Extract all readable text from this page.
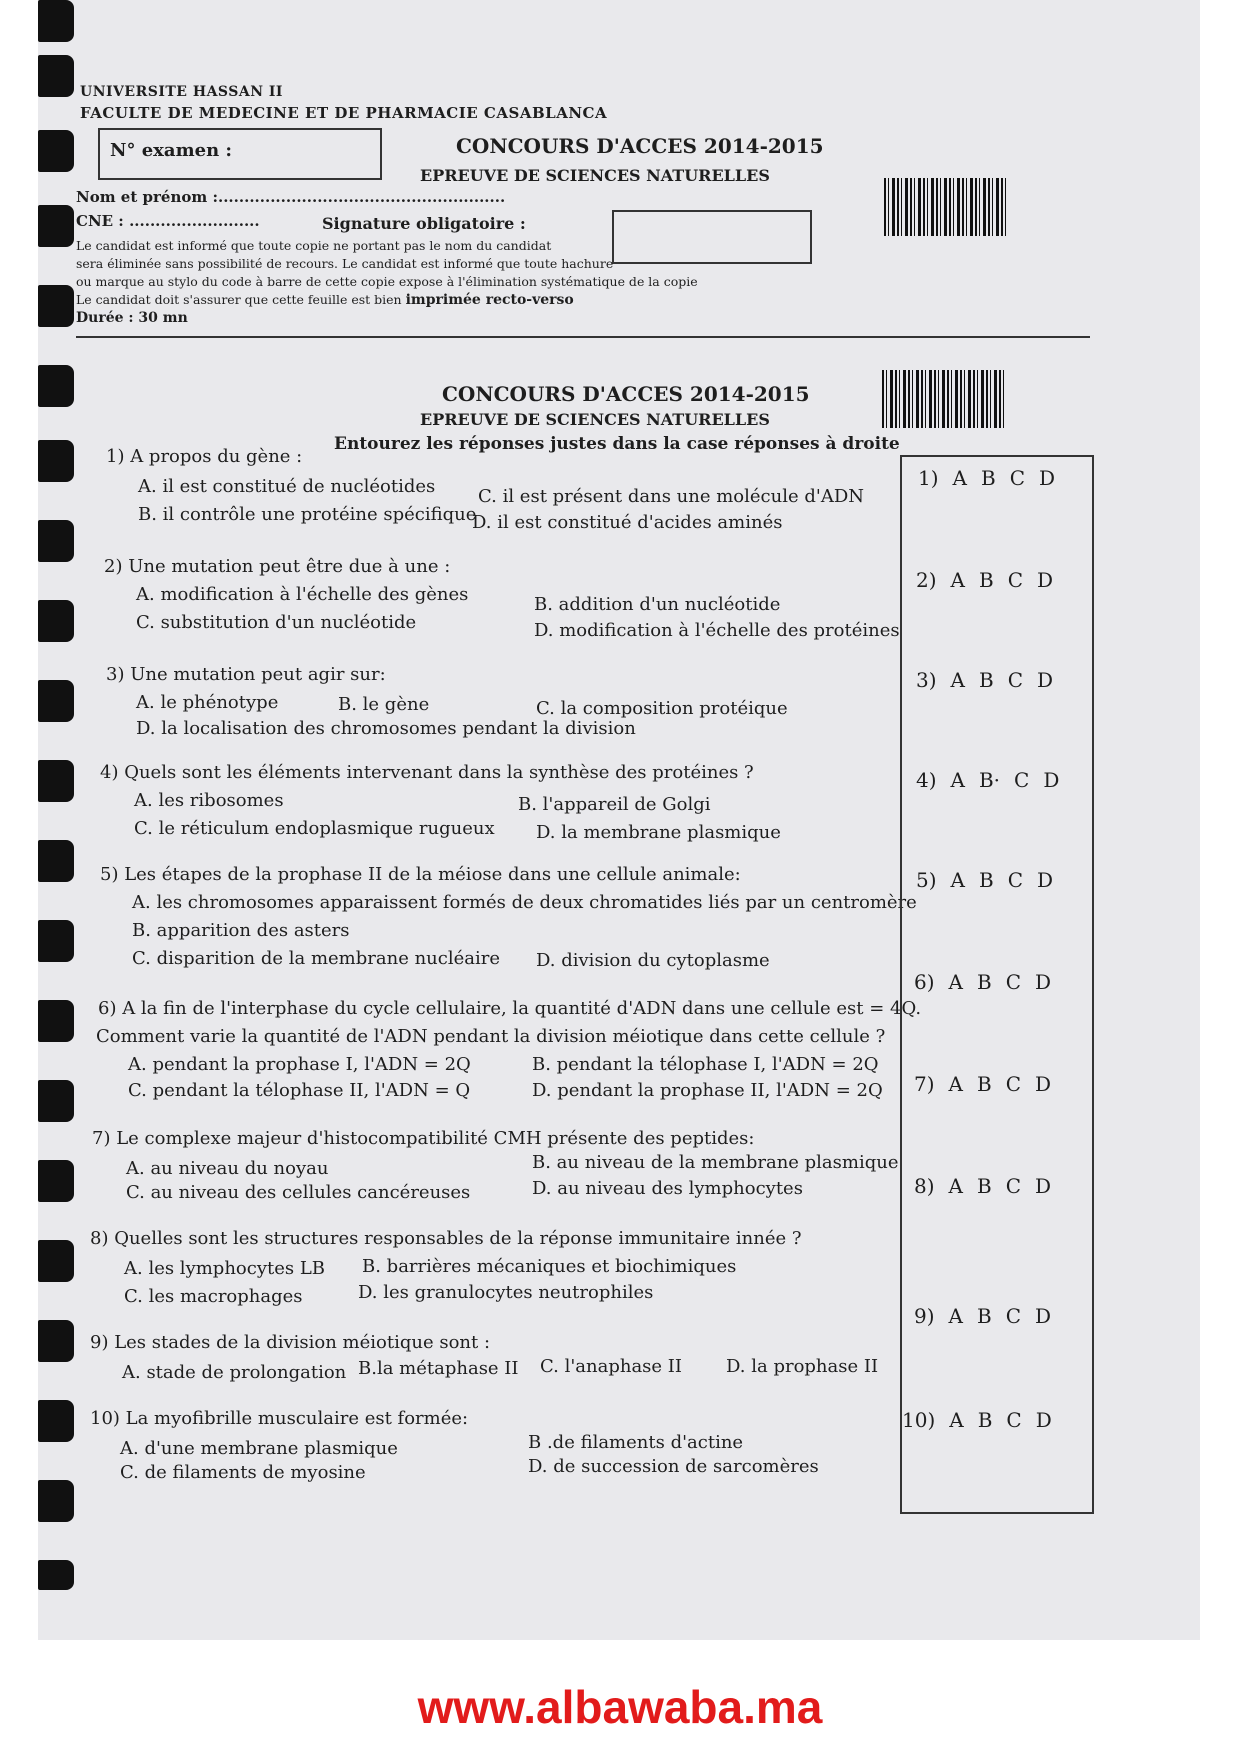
UNIVERSITE HASSAN II
FACULTE DE MEDECINE ET DE PHARMACIE CASABLANCA
N° examen :	CONCOURS D'ACCES 2014-2015
EPREUVE DE SCIENCES NATURELLES
Nom et prénom :.......................................................
CNE : .........................	Signature obligatoire :
Le candidat est informé que toute copie ne portant pas le nom du candidat
sera éliminée sans possibilité de recours. Le candidat est informé que toute hachure
ou marque au stylo du code à barre de cette copie expose à l'élimination systématique de la copie
Le candidat doit s'assurer que cette feuille est bien imprimée recto-verso
Durée : 30 mn
CONCOURS D'ACCES 2014-2015
EPREUVE DE SCIENCES NATURELLES
Entourez les réponses justes dans la case réponses à droite
1) A propos du gène :
A. il est constitué de nucléotides
B. il contrôle une protéine spécifique
C. il est présent dans une molécule d'ADN
D. il est constitué d'acides aminés
2) Une mutation peut être due à une :
A. modification à l'échelle des gènes	B. addition d'un nucléotide
C. substitution d'un nucléotide	D. modification à l'échelle des protéines
3) Une mutation peut agir sur:
A. le phénotype	B. le gène	C. la composition protéique
D. la localisation des chromosomes pendant la division
4) Quels sont les éléments intervenant dans la synthèse des protéines ?
A. les ribosomes	B. l'appareil de Golgi
C. le réticulum endoplasmique rugueux D. la membrane plasmique
5) Les étapes de la prophase II de la méiose dans une cellule animale:
A. les chromosomes apparaissent formés de deux chromatides liés par un centromère
B. apparition des asters
C. disparition de la membrane nucléaire D. division du cytoplasme
6) A la fin de l'interphase du cycle cellulaire, la quantité d'ADN dans une cellule est = 4Q.
Comment varie la quantité de l'ADN pendant la division méiotique dans cette cellule ?
A. pendant la prophase I, l'ADN = 2Q	B. pendant la télophase I, l'ADN = 2Q
C. pendant la télophase II, l'ADN = Q	D. pendant la prophase II, l'ADN = 2Q
7) Le complexe majeur d'histocompatibilité CMH présente des peptides:
A. au niveau du noyau	B. au niveau de la membrane plasmique
C. au niveau des cellules cancéreuses	D. au niveau des lymphocytes
8) Quelles sont les structures responsables de la réponse immunitaire innée ?
A. les lymphocytes LB B. barrières mécaniques et biochimiques
C. les macrophages	D. les granulocytes neutrophiles
9) Les stades de la division méiotique sont :
A. stade de prolongation B.la métaphase II C. l'anaphase II D. la prophase II
10) La myofibrille musculaire est formée:
A. d'une membrane plasmique	B .de filaments d'actine
C. de filaments de myosine	D. de succession de sarcomères
1) A B C D
2) A B C D
3) A B C D
4) A B· C D
5) A B C D
6) A B C D
7) A B C D
8) A B C D
9) A B C D
10) A B C D
www.albawaba.ma
